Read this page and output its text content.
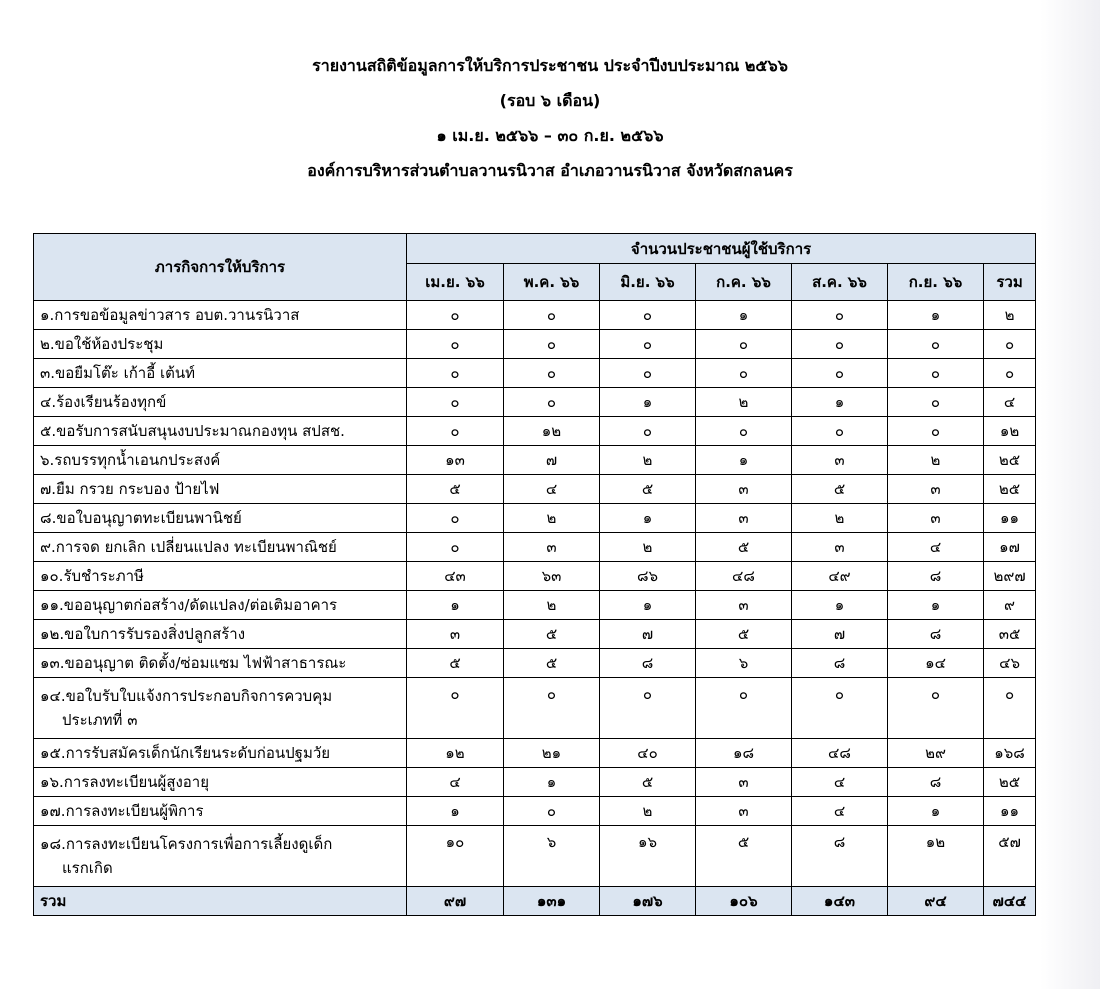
รายงานสถิติข้อมูลการให้บริการประชาชน ประจำปีงบประมาณ ๒๕๖๖
(รอบ ๖ เดือน)
๑ เม.ย. ๒๕๖๖ – ๓๐ ก.ย. ๒๕๖๖
องค์การบริหารส่วนตำบลวานรนิวาส อำเภอวานรนิวาส จังหวัดสกลนคร
ภารกิจการให้บริการ	จำนวนประชาชนผู้ใช้บริการ						
	เม.ย. ๖๖	พ.ค. ๖๖	มิ.ย. ๖๖	ก.ค. ๖๖	ส.ค. ๖๖	ก.ย. ๖๖	รวม
๑.การขอข้อมูลข่าวสาร อบต.วานรนิวาส	๐	๐	๐	๑	๐	๑	๒
๒.ขอใช้ห้องประชุม	๐	๐	๐	๐	๐	๐	๐
๓.ขอยืมโต๊ะ เก้าอี้ เต้นท์	๐	๐	๐	๐	๐	๐	๐
๔.ร้องเรียนร้องทุกข์	๐	๐	๑	๒	๑	๐	๔
๕.ขอรับการสนับสนุนงบประมาณกองทุน สปสช.	๐	๑๒	๐	๐	๐	๐	๑๒
๖.รถบรรทุกน้ำเอนกประสงค์	๑๓	๗	๒	๑	๓	๒	๒๕
๗.ยืม กรวย กระบอง ป้ายไฟ	๕	๔	๕	๓	๕	๓	๒๕
๘.ขอใบอนุญาตทะเบียนพานิชย์	๐	๒	๑	๓	๒	๓	๑๑
๙.การจด ยกเลิก เปลี่ยนแปลง ทะเบียนพาณิชย์	๐	๓	๒	๕	๓	๔	๑๗
๑๐.รับชำระภาษี	๔๓	๖๓	๘๖	๔๘	๔๙	๘	๒๙๗
๑๑.ขออนุญาตก่อสร้าง/ดัดแปลง/ต่อเติมอาคาร	๑	๒	๑	๓	๑	๑	๙
๑๒.ขอใบการรับรองสิ่งปลูกสร้าง	๓	๕	๗	๕	๗	๘	๓๕
๑๓.ขออนุญาต ติดตั้ง/ซ่อมแซม ไฟฟ้าสาธารณะ	๕	๕	๘	๖	๘	๑๔	๔๖

๑๔.ขอใบรับใบแจ้งการประกอบกิจการควบคุม
ประเภทที่ ๓	๐	๐	๐	๐	๐	๐	๐
๑๕.การรับสมัครเด็กนักเรียนระดับก่อนปฐมวัย	๑๒	๒๑	๔๐	๑๘	๔๘	๒๙	๑๖๘
๑๖.การลงทะเบียนผู้สูงอายุ	๔	๑	๕	๓	๔	๘	๒๕
๑๗.การลงทะเบียนผู้พิการ	๑	๐	๒	๓	๔	๑	๑๑

๑๘.การลงทะเบียนโครงการเพื่อการเลี้ยงดูเด็ก
แรกเกิด	๑๐	๖	๑๖	๕	๘	๑๒	๕๗
รวม	๙๗	๑๓๑	๑๗๖	๑๐๖	๑๔๓	๙๔	๗๔๔
